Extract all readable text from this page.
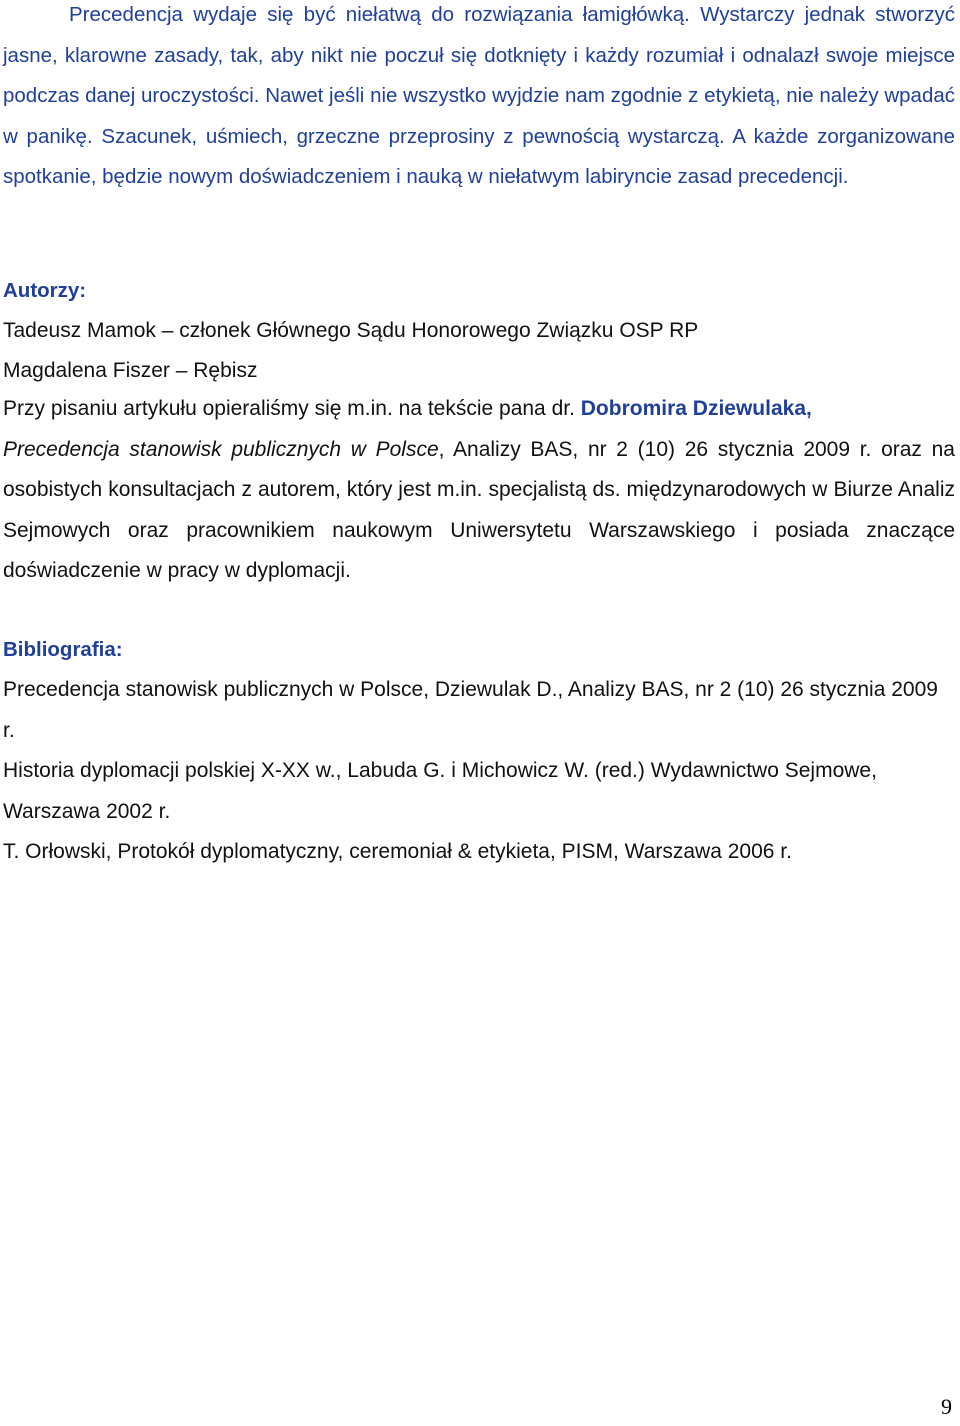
Precedencja wydaje się być niełatwą do rozwiązania łamigłówką. Wystarczy jednak stworzyć jasne, klarowne zasady, tak, aby nikt nie poczuł się dotknięty i każdy rozumiał i odnalazł swoje miejsce podczas danej uroczystości. Nawet jeśli nie wszystko wyjdzie nam zgodnie z etykietą, nie należy wpadać w panikę. Szacunek, uśmiech, grzeczne przeprosiny z pewnością wystarczą. A każde zorganizowane spotkanie, będzie nowym doświadczeniem i nauką w niełatwym labiryncie zasad precedencji.

Autorzy:

Tadeusz Mamok – członek Głównego Sądu Honorowego Związku OSP RP

Magdalena Fiszer – Rębisz

Przy pisaniu artykułu opieraliśmy się m.in. na tekście pana dr. Dobromira Dziewulaka,
Precedencja stanowisk publicznych w Polsce, Analizy BAS, nr 2 (10) 26 stycznia 2009 r. oraz na osobistych konsultacjach z autorem, który jest m.in. specjalistą ds. międzynarodowych w Biurze Analiz Sejmowych oraz pracownikiem naukowym Uniwersytetu Warszawskiego i posiada znaczące doświadczenie w pracy w dyplomacji.

Bibliografia:

Precedencja stanowisk publicznych w Polsce, Dziewulak D., Analizy BAS, nr 2 (10) 26 stycznia 2009 r.

Historia dyplomacji polskiej X-XX w., Labuda G. i Michowicz W. (red.) Wydawnictwo Sejmowe, Warszawa 2002 r.

T. Orłowski, Protokół dyplomatyczny, ceremoniał & etykieta, PISM, Warszawa 2006 r.

9
